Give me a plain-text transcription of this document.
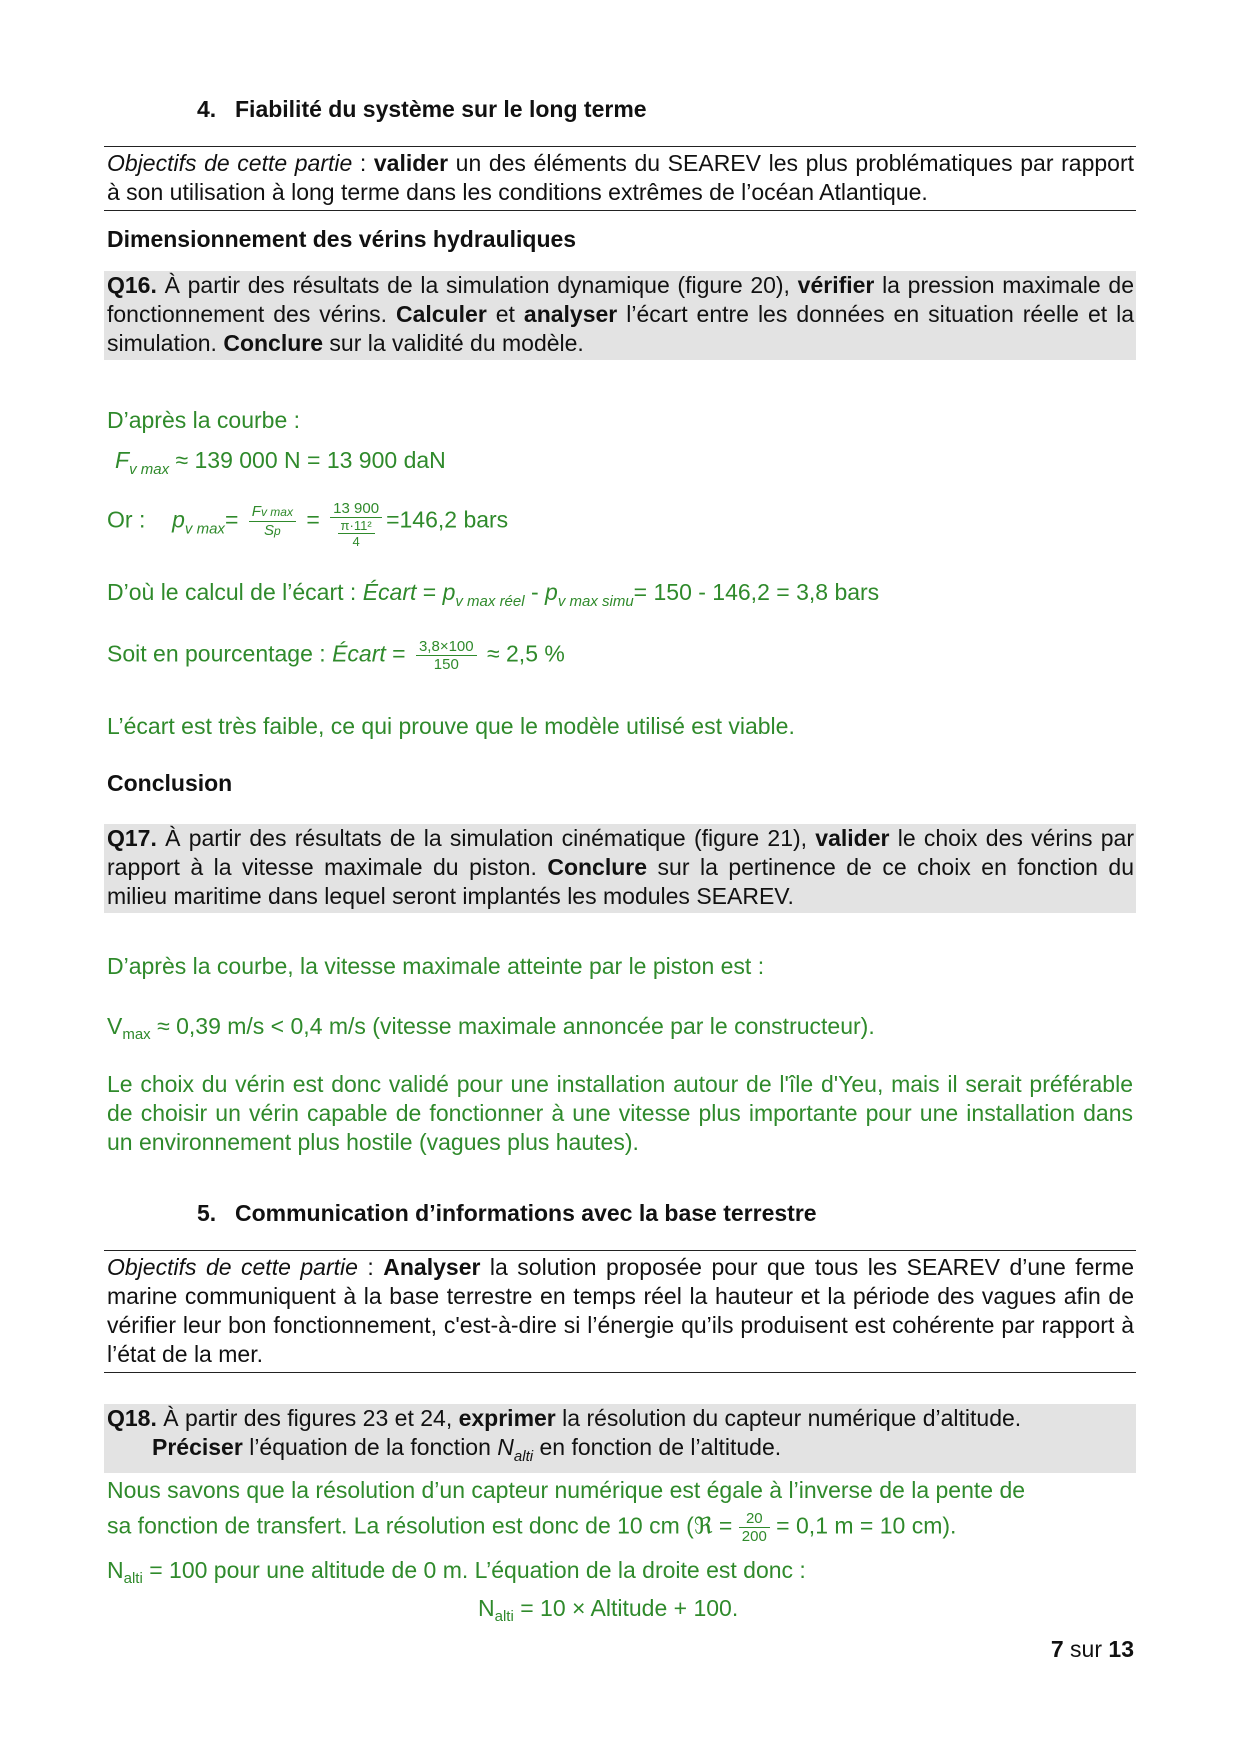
4. Fiabilité du système sur le long terme
Objectifs de cette partie : valider un des éléments du SEAREV les plus problématiques par rapport à son utilisation à long terme dans les conditions extrêmes de l’océan Atlantique.
Dimensionnement des vérins hydrauliques
Q16. À partir des résultats de la simulation dynamique (figure 20), vérifier la pression maximale de fonctionnement des vérins. Calculer et analyser l’écart entre les données en situation réelle et la simulation. Conclure sur la validité du modèle.
D’après la courbe :
$F_{v max} \approx 139$ 000 N = 13 900 daN
Or : $p_{v max}= \frac{\text{Fv max}}{Sp} = \frac{13 900}{\frac{\text{π·11²}}{4}} =146,2$ bars
D’où le calcul de l’écart : Écart = $p_{v max réel} - p_{v max simu}= 150 - 146,2 = 3,8$ bars
Soit en pourcentage : Écart = $\frac{3,8\times 100}{150} \approx 2,5$ %
L’écart est très faible, ce qui prouve que le modèle utilisé est viable.
Conclusion
Q17. À partir des résultats de la simulation cinématique (figure 21), valider le choix des vérins par rapport à la vitesse maximale du piston. Conclure sur la pertinence de ce choix en fonction du milieu maritime dans lequel seront implantés les modules SEAREV.
D’après la courbe, la vitesse maximale atteinte par le piston est :
$V_{max} \approx 0,39$ m/s < 0,4 m/s (vitesse maximale annoncée par le constructeur).
Le choix du vérin est donc validé pour une installation autour de l'île d'Yeu, mais il serait préférable de choisir un vérin capable de fonctionner à une vitesse plus importante pour une installation dans un environnement plus hostile (vagues plus hautes).
5. Communication d’informations avec la base terrestre
Objectifs de cette partie : Analyser la solution proposée pour que tous les SEAREV d’une ferme marine communiquent à la base terrestre en temps réel la hauteur et la période des vagues afin de vérifier leur bon fonctionnement, c'est-à-dire si l’énergie qu’ils produisent est cohérente par rapport à l’état de la mer.
Q18. À partir des figures 23 et 24, exprimer la résolution du capteur numérique d’altitude.
Préciser l’équation de la fonction $N_{alti}$ en fonction de l’altitude.
Nous savons que la résolution d’un capteur numérique est égale à l’inverse de la pente de
sa fonction de transfert. La résolution est donc de 10 cm (ℜ = $\frac{20}{200} = 0,1$ m = 10 cm).
$N_{alti} = 100$ pour une altitude de 0 m. L’équation de la droite est donc :
$N_{alti} = 10$ × Altitude + 100.
7 sur 13
